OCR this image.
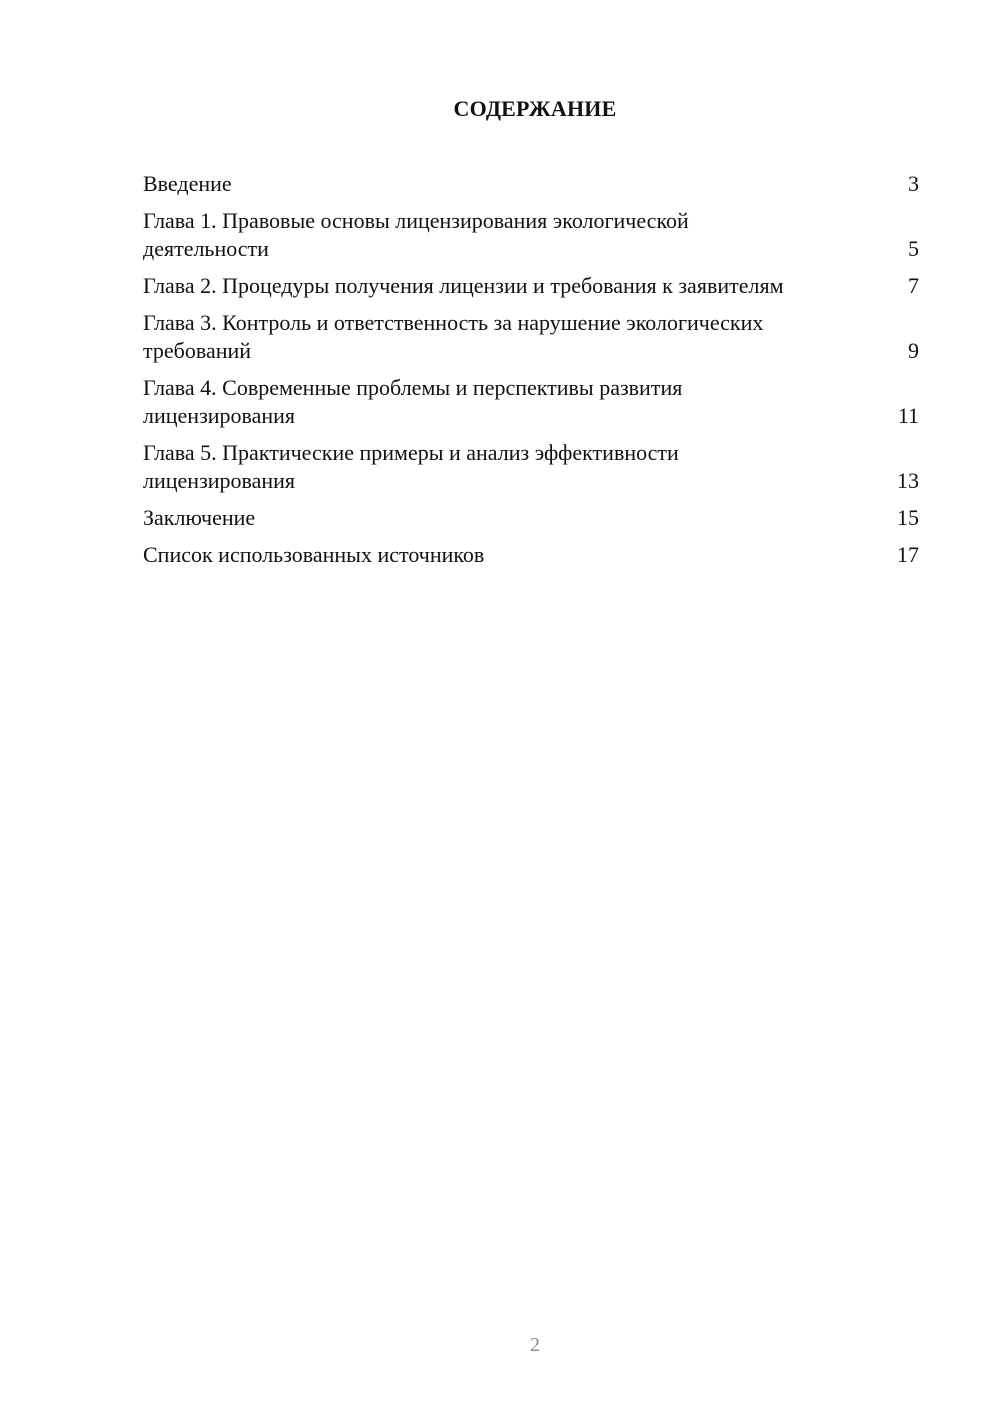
СОДЕРЖАНИЕ
Введение	3
Глава 1. Правовые основы лицензирования экологической деятельности	5
Глава 2. Процедуры получения лицензии и требования к заявителям	7
Глава 3. Контроль и ответственность за нарушение экологических требований	9
Глава 4. Современные проблемы и перспективы развития лицензирования	11
Глава 5. Практические примеры и анализ эффективности лицензирования	13
Заключение	15
Список использованных источников	17
2
